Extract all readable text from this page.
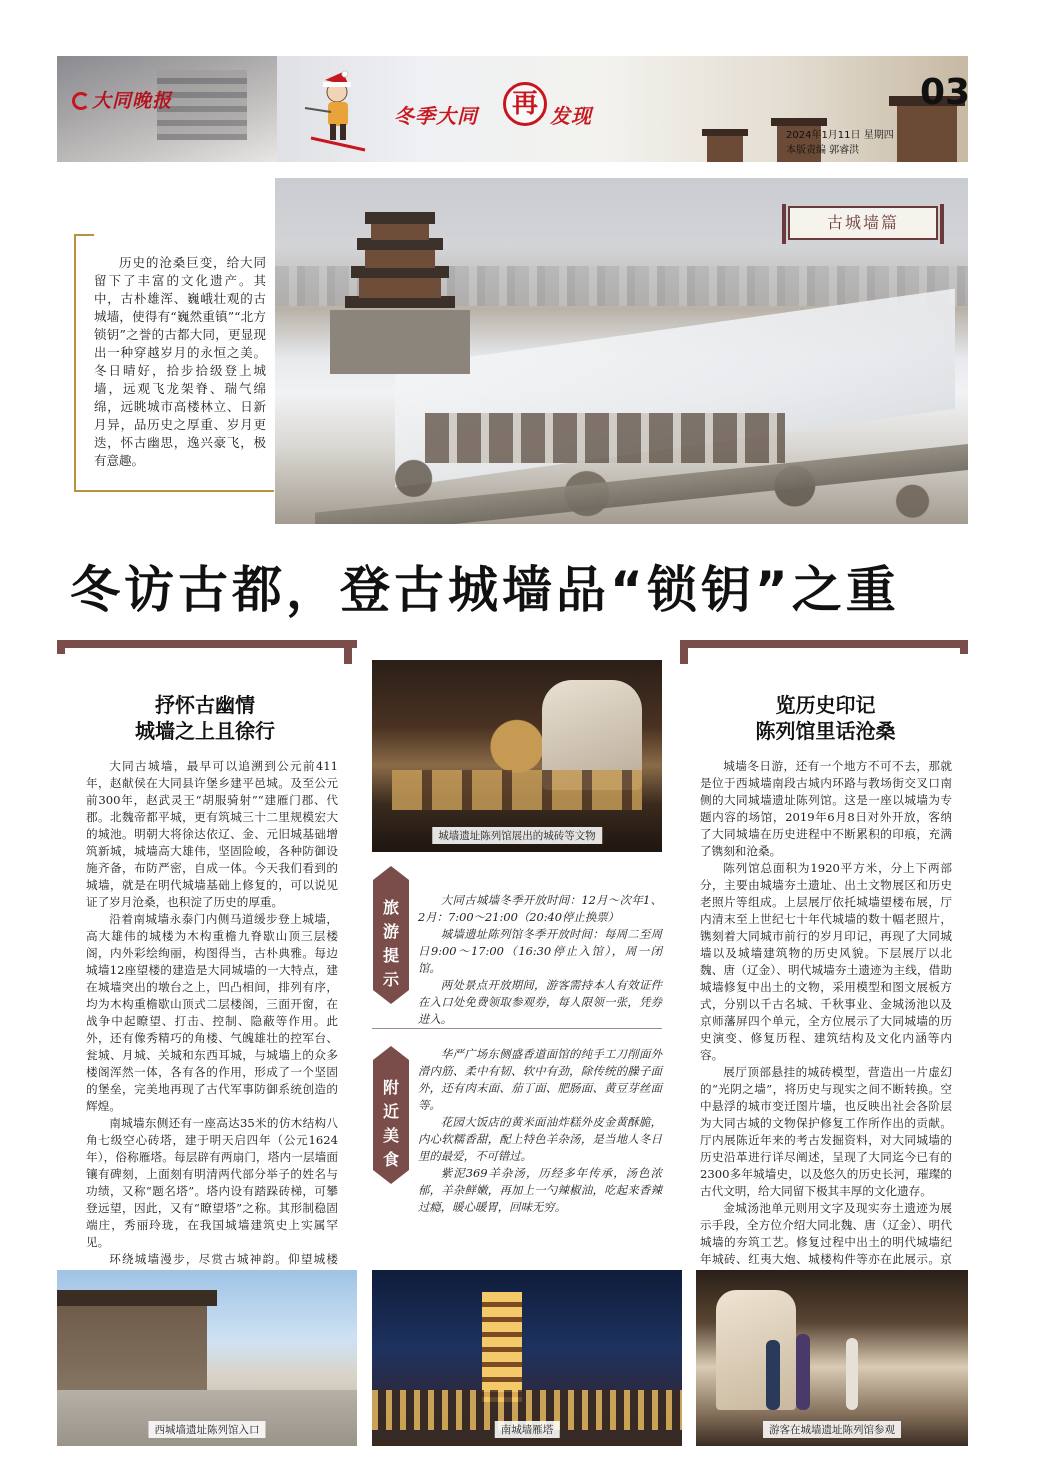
大同晚报
冬季大同	再 发现
03
2024年1月11日 星期四
本版责编 郭睿洪
古城墙篇

历史的沧桑巨变，给大同留下了丰富的文化遗产。其中，古朴雄浑、巍峨壮观的古城墙，使得有“巍然重镇”“北方锁钥”之誉的古都大同，更显现出一种穿越岁月的永恒之美。冬日晴好，拾步拾级登上城墙，远观飞龙架脊、瑞气绵绵，远眺城市高楼林立、日新月异，品历史之厚重、岁月更迭，怀古幽思，逸兴豪飞，极有意趣。

冬访古都，登古城墙品“锁钥”之重
抒怀古幽情
城墙之上且徐行

大同古城墙，最早可以追溯到公元前411年，赵献侯在大同县许堡乡建平邑城。及至公元前300年，赵武灵王“胡服骑射”“建雁门郡、代郡。北魏帝都平城，更有筑城三十二里规模宏大的城池。明朝大将徐达依辽、金、元旧城基础增筑新城，城墙高大雄伟，坚固险峻，各种防御设施齐备，布防严密，自成一体。今天我们看到的城墙，就是在明代城墙基础上修复的，可以说见证了岁月沧桑，也积淀了历史的厚重。

沿着南城墙永泰门内侧马道缓步登上城墙，高大雄伟的城楼为木构重檐九脊歇山顶三层楼阁，内外彩绘绚丽，构图得当，古朴典雅。每边城墙12座望楼的建造是大同城墙的一大特点，建在城墙突出的墩台之上，凹凸相间，排列有序，均为木构重檐歇山顶式二层楼阁，三面开窗，在战争中起瞭望、打击、控制、隐蔽等作用。此外，还有像秀精巧的角楼、气魄雄壮的控军台、瓮城、月城、关城和东西耳城，与城墙上的众多楼阁浑然一体，各有各的作用，形成了一个坚固的堡垒，完美地再现了古代军事防御系统创造的辉煌。

南城墙东侧还有一座高达35米的仿木结构八角七级空心砖塔，建于明天启四年（公元1624年），俗称雁塔。每层辟有两扇门，塔内一层墙面镶有碑刻，上面刻有明清两代部分举子的姓名与功绩，又称“题名塔”。塔内设有踏跺砖梯，可攀登远望，因此，又有“瞭望塔”之称。其形制稳固端庄，秀丽玲珑，在我国城墙建筑史上实属罕见。

环绕城墙漫步，尽赏古城神韵。仰望城楼

城墙遗址陈列馆展出的城砖等文物
旅
游
提
示

大同古城墙冬季开放时间：12月～次年1、2月：7:00～21:00（20:40停止换票）

城墙遗址陈列馆冬季开放时间：每周二至周日9:00～17:00（16:30停止入馆），周一闭馆。

两处景点开放期间，游客需持本人有效证件在入口处免费领取参观券，每人限领一张，凭券进入。

附
近
美
食

华严广场东侧盛香道面馆的纯手工刀削面外滑内筋、柔中有韧、软中有劲，除传统的臊子面外，还有肉末面、茄丁面、肥肠面、黄豆芽丝面等。

花园大饭店的黄米面油炸糕外皮金黄酥脆，内心软糯香甜，配上特色羊杂汤，是当地人冬日里的最爱，不可错过。

紫泥369羊杂汤，历经多年传承，汤色浓郁，羊杂鲜嫩，再加上一勺辣椒油，吃起来香辣过瘾，暖心暖胃，回味无穷。

览历史印记
陈列馆里话沧桑

城墙冬日游，还有一个地方不可不去，那就是位于西城墙南段古城内环路与教场街交叉口南侧的大同城墙遗址陈列馆。这是一座以城墙为专题内容的场馆，2019年6月8日对外开放，客纳了大同城墙在历史进程中不断累积的印痕，充满了镌刻和沧桑。

陈列馆总面积为1920平方米，分上下两部分，主要由城墙夯土遗址、出土文物展区和历史老照片等组成。上层展厅依托城墙望楼布展，厅内清末至上世纪七十年代城墙的数十幅老照片，镌刻着大同城市前行的岁月印记，再现了大同城墙以及城墙建筑物的历史风貌。下层展厅以北魏、唐（辽金）、明代城墙夯土遗迹为主线，借助城墙修复中出土的文物，采用模型和图文展板方式，分别以千古名城、千秋事业、金城汤池以及京师藩屏四个单元，全方位展示了大同城墙的历史演变、修复历程、建筑结构及文化内涵等内容。

展厅顶部悬挂的城砖模型，营造出一片虚幻的“光阴之墙”，将历史与现实之间不断转换。空中悬浮的城市变迁图片墙，也反映出社会各阶层为大同古城的文物保护修复工作所作出的贡献。厅内展陈近年来的考古发掘资料，对大同城墙的历史沿革进行详尽阐述，呈现了大同迄今已有的2300多年城墙史，以及悠久的历史长河，璀璨的古代文明，给大同留下极其丰厚的文化遗存。

金城汤池单元则用文字及现实夯土遗迹为展示手段，全方位介绍大同北魏、唐（辽金）、明代城墙的夯筑工艺。修复过程中出土的明代城墙纪年城砖、红夷大炮、城楼构件等亦在此展示。京　　

西城墙遗址陈列馆入口	南城墙雁塔	游客在城墙遗址陈列馆参观
